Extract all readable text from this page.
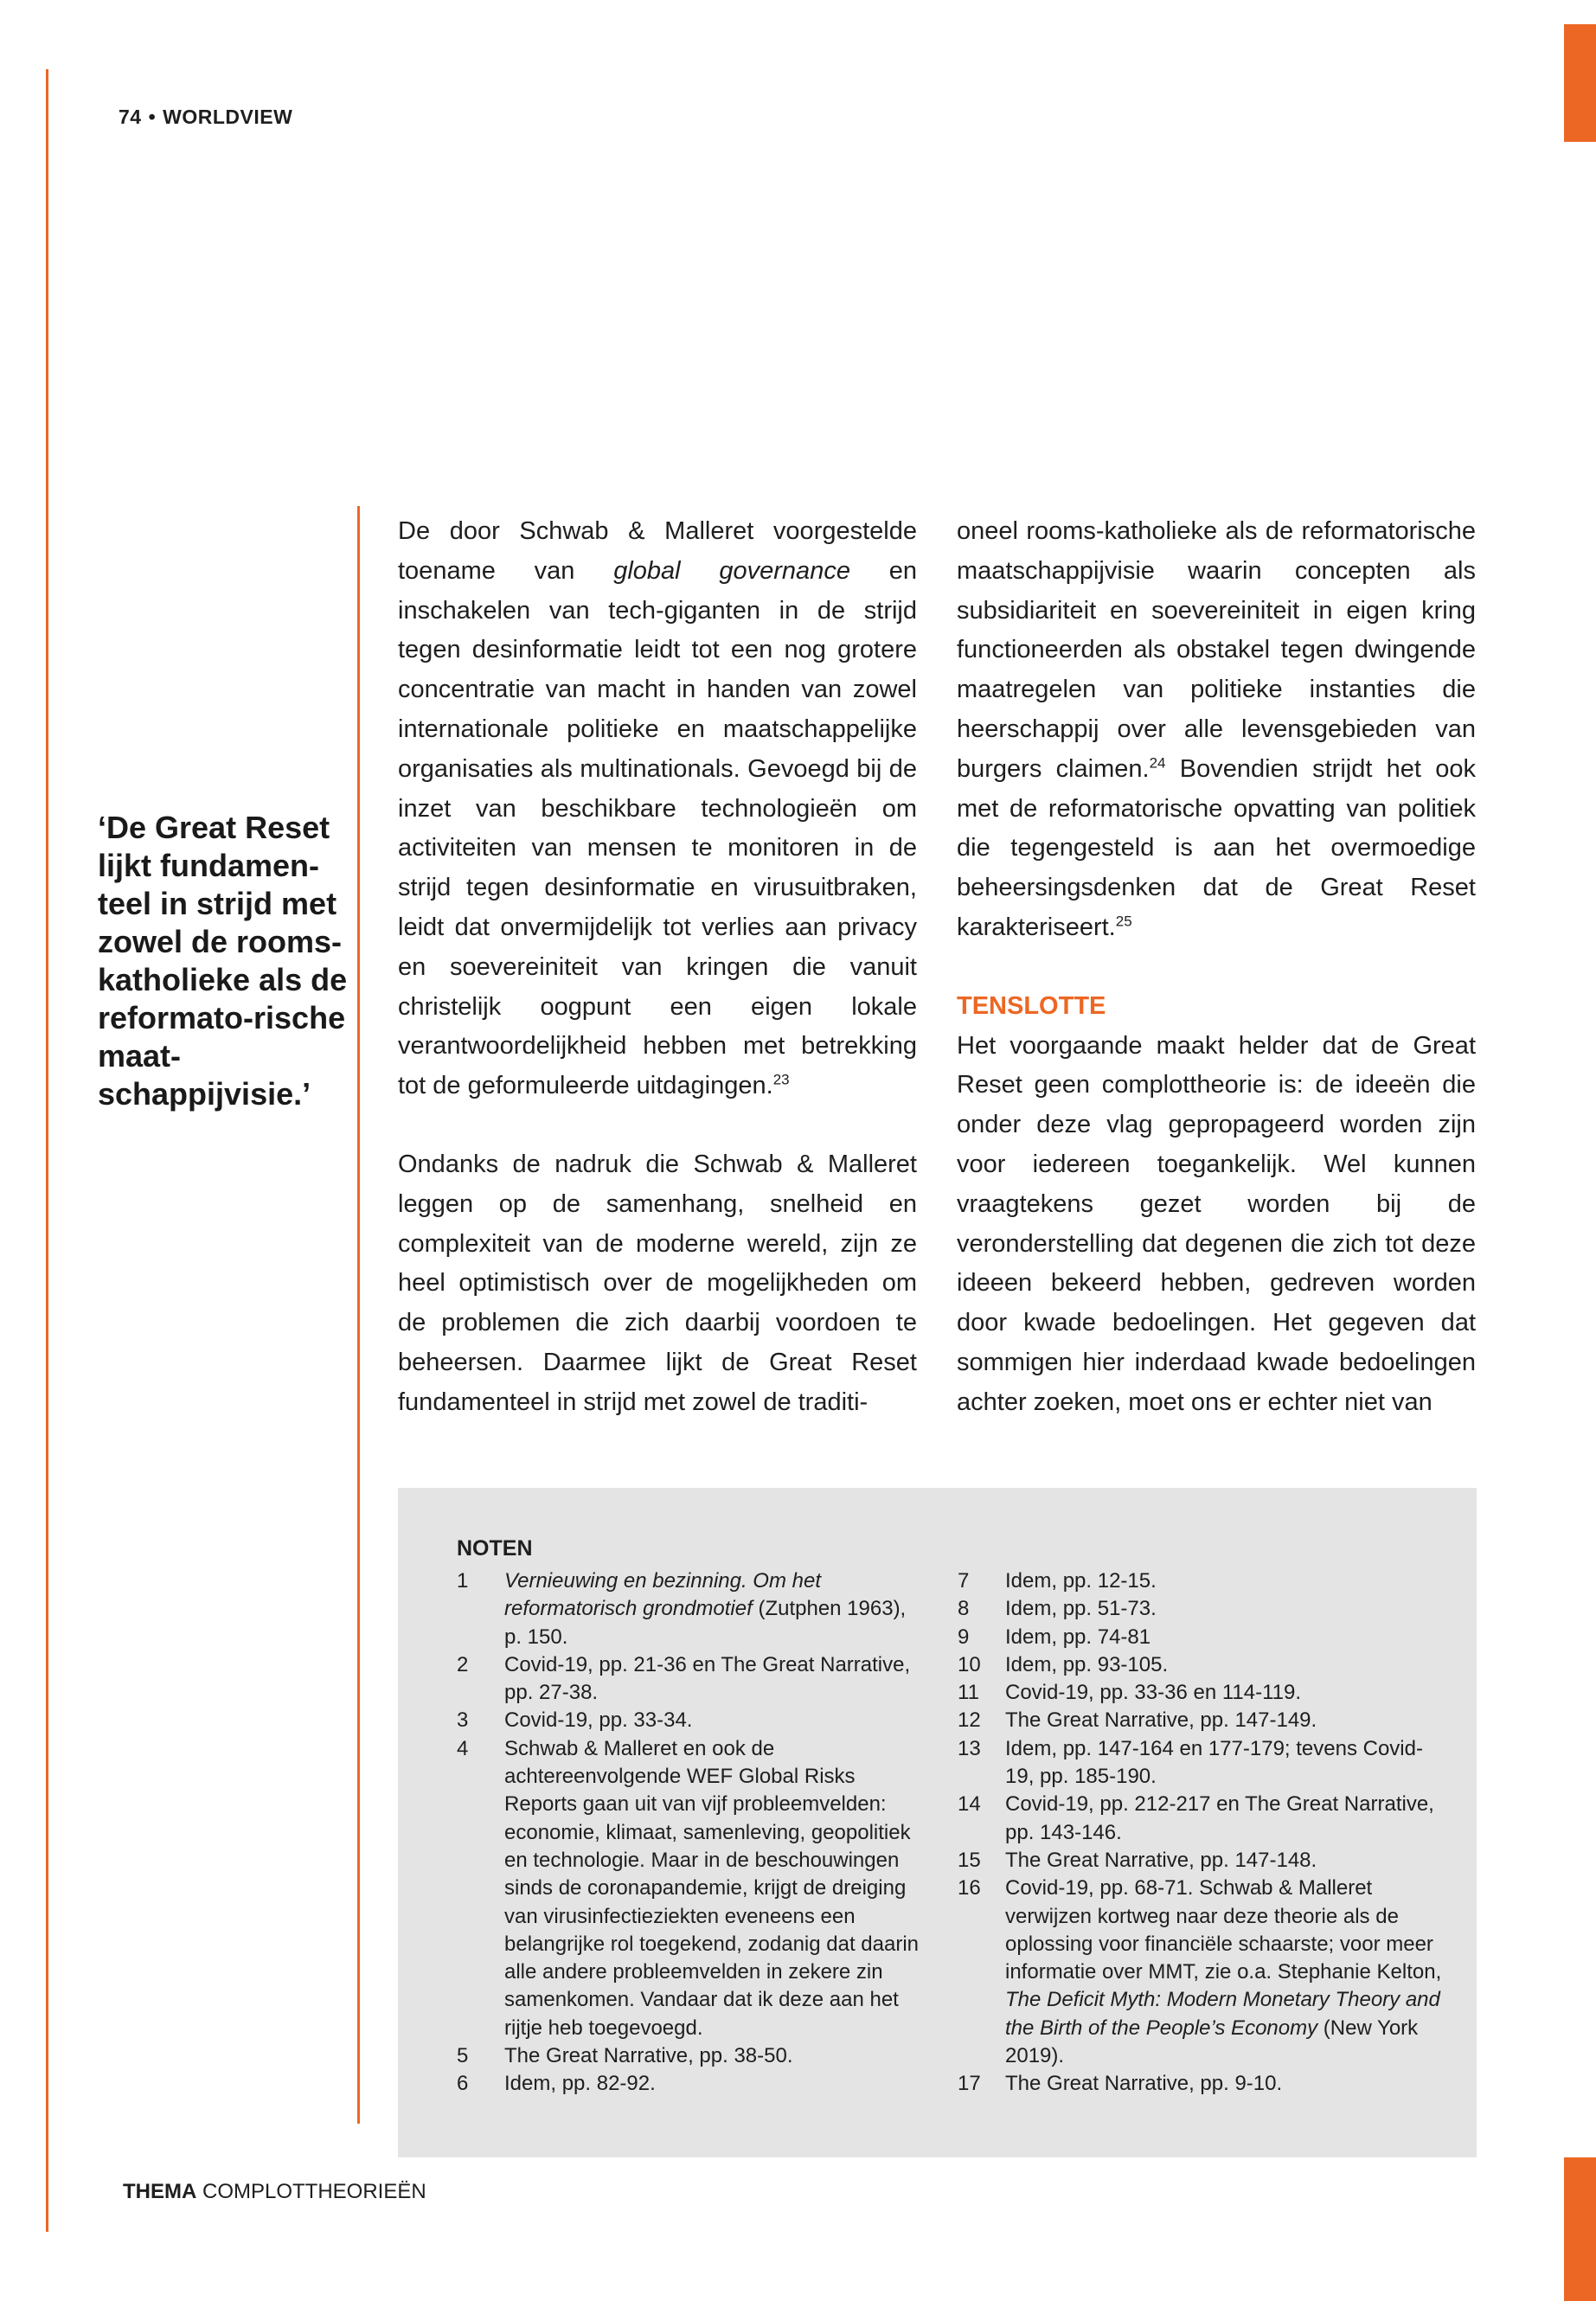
74 • WORLDVIEW
‘De Great Reset lijkt fundamen-teel in strijd met zowel de rooms-katholieke als de reformato-rische maat-schappijvisie.’

De door Schwab & Malleret voorgestelde toename van global governance en inschakelen van tech-giganten in de strijd tegen desinformatie leidt tot een nog grotere concentratie van macht in handen van zowel internationale politieke en maatschappelijke organisaties als multinationals. Gevoegd bij de inzet van beschikbare technologieën om activiteiten van mensen te monitoren in de strijd tegen desinformatie en virusuitbraken, leidt dat onvermijdelijk tot verlies aan privacy en soevereiniteit van kringen die vanuit christelijk oogpunt een eigen lokale verantwoordelijkheid hebben met betrekking tot de geformuleerde uitdagingen.$^{23}$

Ondanks de nadruk die Schwab & Malleret leggen op de samenhang, snelheid en complexiteit van de moderne wereld, zijn ze heel optimistisch over de mogelijkheden om de problemen die zich daarbij voordoen te beheersen. Daarmee lijkt de Great Reset fundamenteel in strijd met zowel de traditi-

oneel rooms-katholieke als de reformatorische maatschappijvisie waarin concepten als subsidiariteit en soevereiniteit in eigen kring functioneerden als obstakel tegen dwingende maatregelen van politieke instanties die heerschappij over alle levensgebieden van burgers claimen.$^{24}$ Bovendien strijdt het ook met de reformatorische opvatting van politiek die tegengesteld is aan het overmoedige beheersingsdenken dat de Great Reset karakteriseert.$^{25}$

TENSLOTTE

Het voorgaande maakt helder dat de Great Reset geen complottheorie is: de ideeën die onder deze vlag gepropageerd worden zijn voor iedereen toegankelijk. Wel kunnen vraagtekens gezet worden bij de veronderstelling dat degenen die zich tot deze ideeen bekeerd hebben, gedreven worden door kwade bedoelingen. Het gegeven dat sommigen hier inderdaad kwade bedoelingen achter zoeken, moet ons er echter niet van

NOTEN
1	Vernieuwing en bezinning. Om het reformatorisch grondmotief (Zutphen 1963), p. 150.
2	Covid-19, pp. 21-36 en The Great Narrative, pp. 27-38.
3	Covid-19, pp. 33-34.
4	Schwab & Malleret en ook de achtereenvolgende WEF Global Risks Reports gaan uit van vijf probleemvelden: economie, klimaat, samenleving, geopolitiek en technologie. Maar in de beschouwingen sinds de coronapandemie, krijgt de dreiging van virusinfectieziekten eveneens een belangrijke rol toegekend, zodanig dat daarin alle andere probleemvelden in zekere zin samenkomen. Vandaar dat ik deze aan het rijtje heb toegevoegd.
5	The Great Narrative, pp. 38-50.
6	Idem, pp. 82-92.
7	Idem, pp. 12-15.
8	Idem, pp. 51-73.
9	Idem, pp. 74-81
10	Idem, pp. 93-105.
11	Covid-19, pp. 33-36 en 114-119.
12	The Great Narrative, pp. 147-149.
13	Idem, pp. 147-164 en 177-179; tevens Covid-19, pp. 185-190.
14	Covid-19, pp. 212-217 en The Great Narrative, pp. 143-146.
15	The Great Narrative, pp. 147-148.
16	Covid-19, pp. 68-71. Schwab & Malleret verwijzen kortweg naar deze theorie als de oplossing voor financiële schaarste; voor meer informatie over MMT, zie o.a. Stephanie Kelton, The Deficit Myth: Modern Monetary Theory and the Birth of the People’s Economy (New York 2019).
17	The Great Narrative, pp. 9-10.
THEMA COMPLOTTHEORIEËN
